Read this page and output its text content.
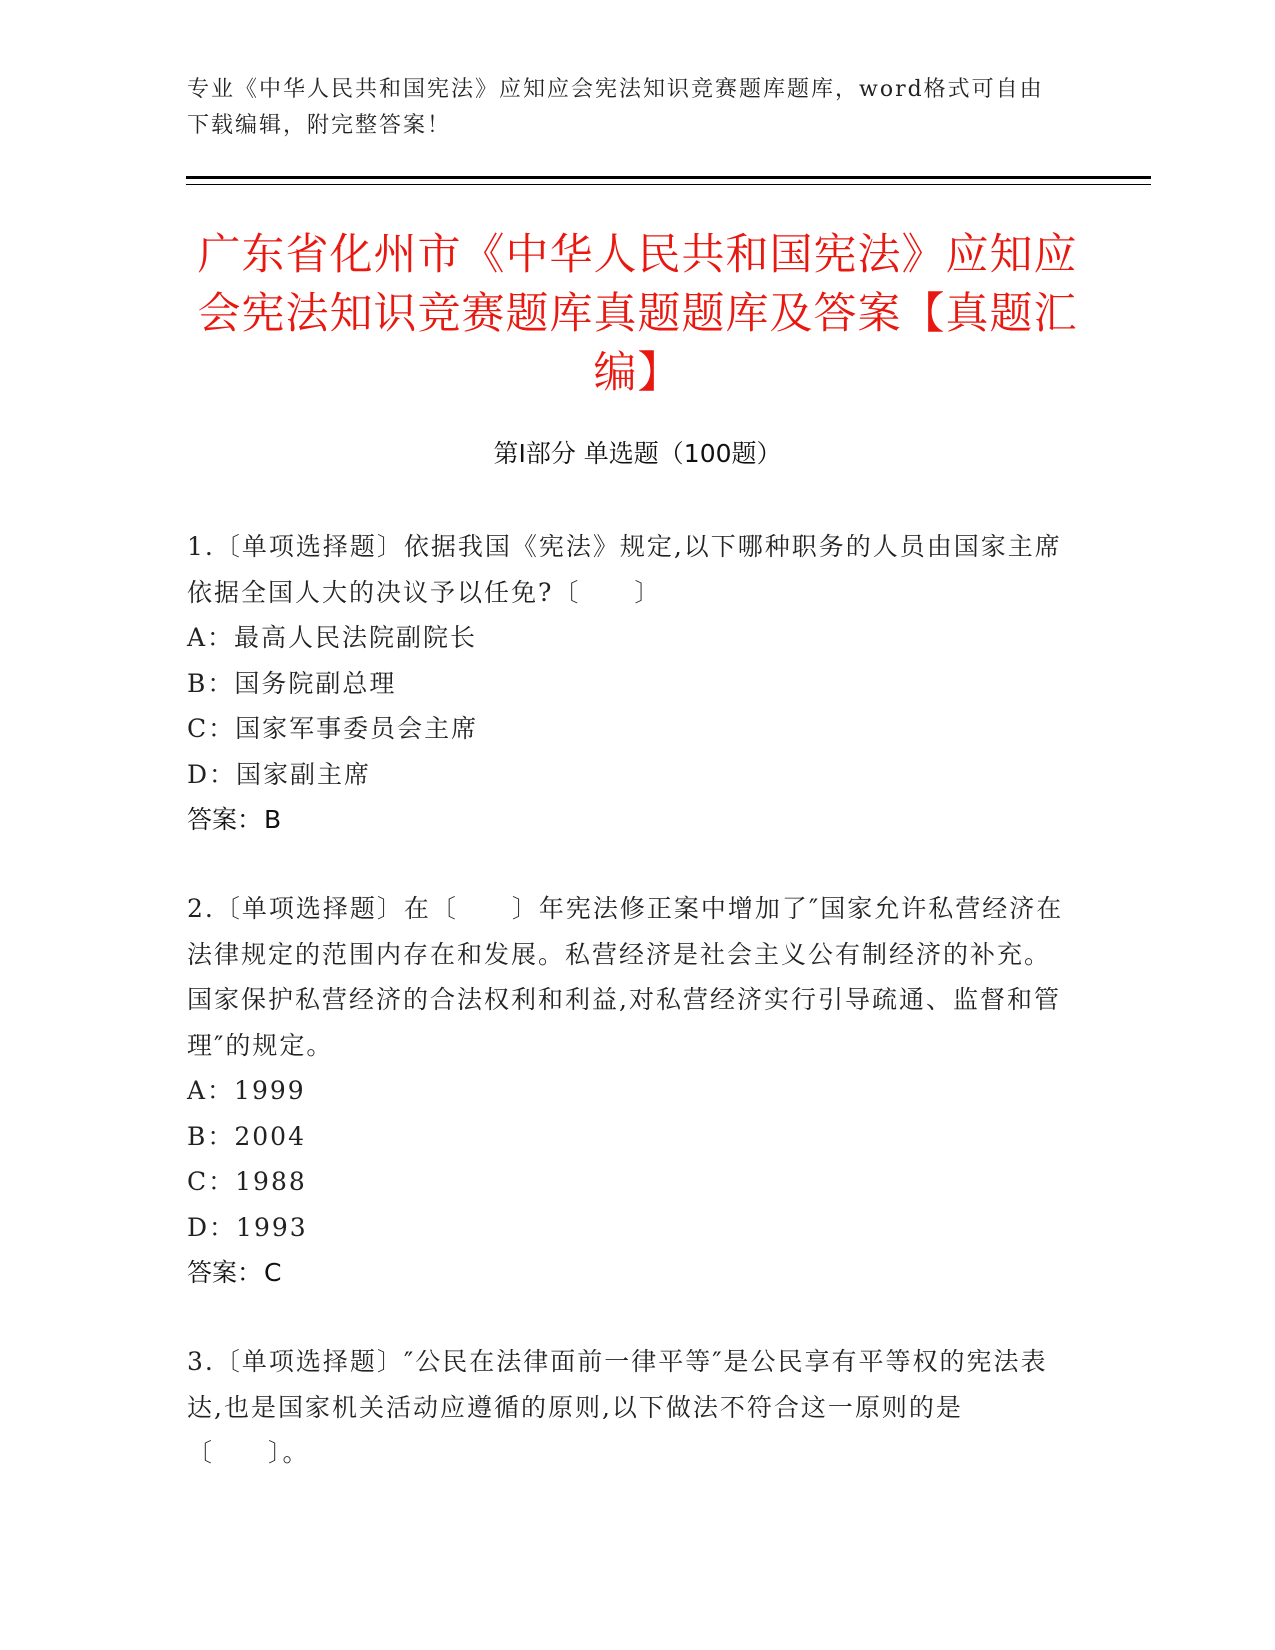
专业《中华人民共和国宪法》应知应会宪法知识竞赛题库题库，word格式可自由下载编辑，附完整答案！
广东省化州市《中华人民共和国宪法》应知应会宪法知识竞赛题库真题题库及答案【真题汇编】
第I部分 单选题（100题）

1.〔单项选择题〕依据我国《宪法》规定,以下哪种职务的人员由国家主席依据全国人大的决议予以任免?〔　　〕

A：最高人民法院副院长
B：国务院副总理
C：国家军事委员会主席
D：国家副主席
答案：B

2.〔单项选择题〕在〔　　〕年宪法修正案中增加了″国家允许私营经济在法律规定的范围内存在和发展。私营经济是社会主义公有制经济的补充。国家保护私营经济的合法权利和利益,对私营经济实行引导疏通、监督和管理″的规定。

A：1999
B：2004
C：1988
D：1993
答案：C

3.〔单项选择题〕″公民在法律面前一律平等″是公民享有平等权的宪法表达,也是国家机关活动应遵循的原则,以下做法不符合这一原则的是〔　　〕。
